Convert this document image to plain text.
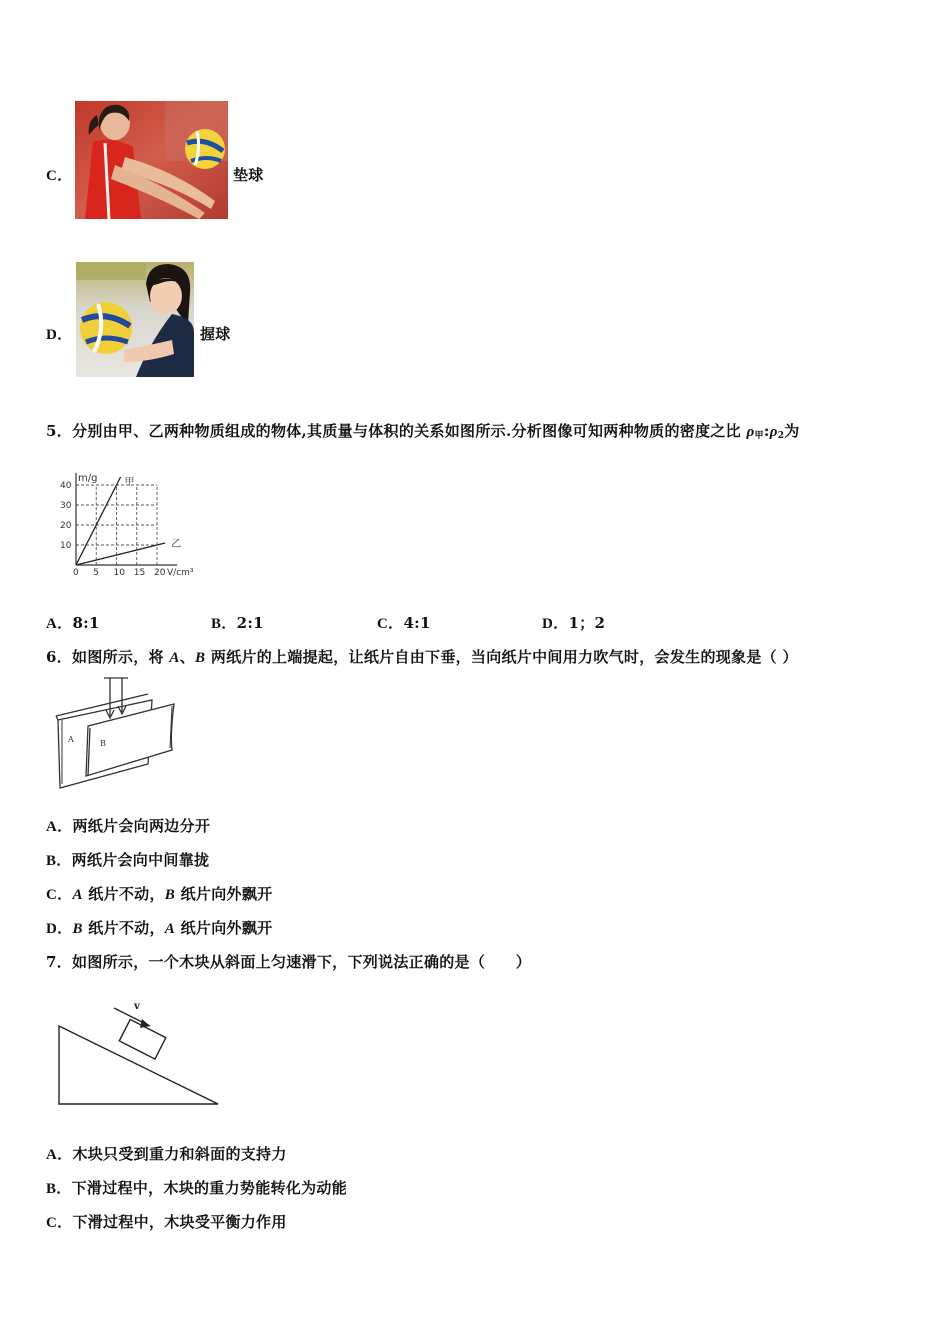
C．	垫球
D．	握球
5．分别由甲、乙两种物质组成的物体,其质量与体积的关系如图所示.分析图像可知两种物质的密度之比 $\rho_甲:\rho_2$为
0 5 10 15 20
10
20
30
40
m/g
V/cm³
甲
乙
A．8:1	B．2:1	C．4:1	D．1；2
6．如图所示，将 A、B 两纸片的上端提起，让纸片自由下垂，当向纸片中间用力吹气时，会发生的现象是（ ）
A	B
A．两纸片会向两边分开
B．两纸片会向中间靠拢
C．A 纸片不动，B 纸片向外飘开
D．B 纸片不动，A 纸片向外飘开
7．如图所示，一个木块从斜面上匀速滑下，下列说法正确的是（　　）
v
A．木块只受到重力和斜面的支持力
B．下滑过程中，木块的重力势能转化为动能
C．下滑过程中，木块受平衡力作用
